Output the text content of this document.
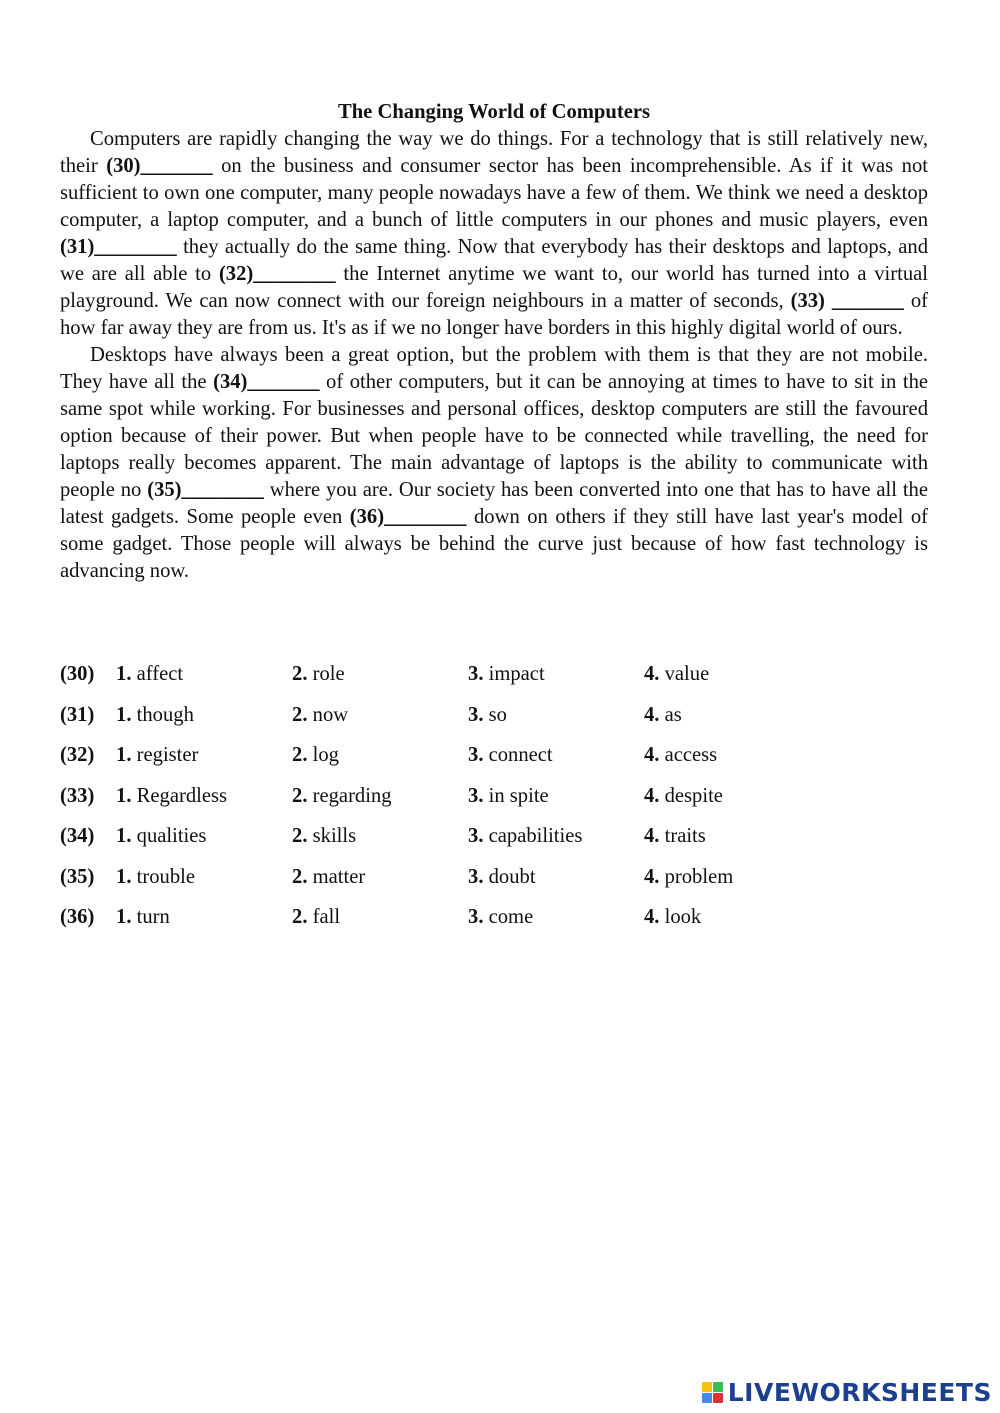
The Changing World of Computers

Computers are rapidly changing the way we do things. For a technology that is still relatively new, their (30)_______ on the business and consumer sector has been incomprehensible. As if it was not sufficient to own one computer, many people nowadays have a few of them. We think we need a desktop computer, a laptop computer, and a bunch of little computers in our phones and music players, even (31)________ they actually do the same thing. Now that everybody has their desktops and laptops, and we are all able to (32)________ the Internet anytime we want to, our world has turned into a virtual playground. We can now connect with our foreign neighbours in a matter of seconds, (33) _______ of how far away they are from us. It's as if we no longer have borders in this highly digital world of ours.

Desktops have always been a great option, but the problem with them is that they are not mobile. They have all the (34)_______ of other computers, but it can be annoying at times to have to sit in the same spot while working. For businesses and personal offices, desktop computers are still the favoured option because of their power. But when people have to be connected while travelling, the need for laptops really becomes apparent. The main advantage of laptops is the ability to communicate with people no (35)________ where you are. Our society has been converted into one that has to have all the latest gadgets. Some people even (36)________ down on others if they still have last year's model of some gadget. Those people will always be behind the curve just because of how fast technology is advancing now.

(30)	1. affect	2. role	3. impact	4. value
(31)	1. though	2. now	3. so	4. as
(32)	1. register	2. log	3. connect	4. access
(33)	1. Regardless	2. regarding	3. in spite	4. despite
(34)	1. qualities	2. skills	3. capabilities	4. traits
(35)	1. trouble	2. matter	3. doubt	4. problem
(36)	1. turn	2. fall	3. come	4. look
LIVEWORKSHEETS
